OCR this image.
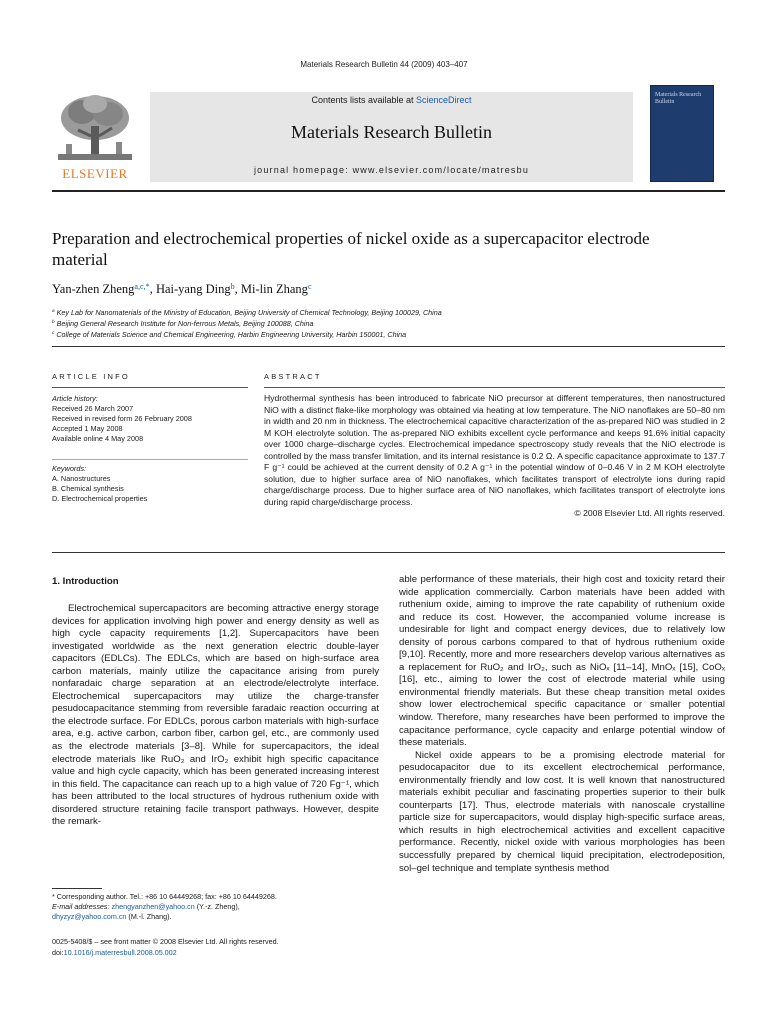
Materials Research Bulletin 44 (2009) 403–407
ELSEVIER
Contents lists available at ScienceDirect
Materials Research Bulletin
journal homepage: www.elsevier.com/locate/matresbu
Materials Research Bulletin
Preparation and electrochemical properties of nickel oxide as a supercapacitor electrode material
Yan-zhen Zheng$^{a,c,*}$, Hai-yang Ding$^b$, Mi-lin Zhang$^c$
$^a$ Key Lab for Nanomaterials of the Ministry of Education, Beijing University of Chemical Technology, Beijing 100029, China
$^b$ Beijing General Research Institute for Non-ferrous Metals, Beijing 100088, China
$^c$ College of Materials Science and Chemical Engineering, Harbin Engineering University, Harbin 150001, China
ARTICLE INFO
Article history:
Received 26 March 2007
Received in revised form 26 February 2008
Accepted 1 May 2008
Available online 4 May 2008
Keywords:
A. Nanostructures
B. Chemical synthesis
D. Electrochemical properties
ABSTRACT
Hydrothermal synthesis has been introduced to fabricate NiO precursor at different temperatures, then nanostructured NiO with a distinct flake-like morphology was obtained via heating at low temperature. The NiO nanoflakes are 50–80 nm in width and 20 nm in thickness. The electrochemical capacitive characterization of the as-prepared NiO was studied in 2 M KOH electrolyte solution. The as-prepared NiO exhibits excellent cycle performance and keeps 91.6% initial capacity over 1000 charge–discharge cycles. Electrochemical impedance spectroscopy study reveals that the NiO electrode is controlled by the mass transfer limitation, and its internal resistance is 0.2 Ω. A specific capacitance approximate to 137.7 F g⁻¹ could be achieved at the current density of 0.2 A g⁻¹ in the potential window of 0–0.46 V in 2 M KOH electrolyte solution, due to higher surface area of NiO nanoflakes, which facilitates transport of electrolyte ions during rapid charge/discharge process. Due to higher surface area of NiO nanoflakes, which facilitates transport of electrolyte ions during rapid charge/discharge process.
© 2008 Elsevier Ltd. All rights reserved.
1. Introduction

Electrochemical supercapacitors are becoming attractive energy storage devices for application involving high power and energy density as well as high cycle capacity requirements [1,2]. Supercapacitors have been investigated worldwide as the next generation electric double-layer capacitors (EDLCs). The EDLCs, which are based on high-surface area carbon materials, mainly utilize the capacitance arising from purely nonfaradaic charge separation at an electrode/electrolyte interface. Electrochemical supercapacitors may utilize the charge-transfer pesudocapacitance stemming from reversible faradaic reaction occurring at the electrode surface. For EDLCs, porous carbon materials with high-surface area, e.g. active carbon, carbon fiber, carbon gel, etc., are commonly used as the electrode materials [3–8]. While for supercapacitors, the ideal electrode materials like RuO₂ and IrO₂ exhibit high specific capacitance value and high cycle capacity, which has been generated increasing interest in this field. The capacitance can reach up to a high value of 720 Fg⁻¹, which has been attributed to the local structures of hydrous ruthenium oxide with disordered structure retaining facile transport pathways. However, despite the remark-

able performance of these materials, their high cost and toxicity retard their wide application commercially. Carbon materials have been added with ruthenium oxide, aiming to improve the rate capability of ruthenium oxide and reduce its cost. However, the accompanied volume increase is undesirable for light and compact energy devices, due to relatively low density of porous carbons compared to that of hydrous ruthenium oxide [9,10]. Recently, more and more researchers develop various alternatives as a replacement for RuO₂ and IrO₂, such as NiOₓ [11–14], MnOₓ [15], CoOₓ [16], etc., aiming to lower the cost of electrode material while using environmental friendly materials. But these cheap transition metal oxides show lower electrochemical specific capacitance or smaller potential window. Therefore, many researches have been performed to improve the capacitance performance, cycle capacity and enlarge potential window of these materials.

Nickel oxide appears to be a promising electrode material for pesudocapacitor due to its excellent electrochemical performance, environmentally friendly and low cost. It is well known that nanostructured materials exhibit peculiar and fascinating properties superior to their bulk counterparts [17]. Thus, electrode materials with nanoscale crystalline particle size for supercapacitors, would display high-specific surface areas, which results in high electrochemical activities and excellent capacitive performance. Recently, nickel oxide with various morphologies has been successfully prepared by chemical liquid precipitation, electrodeposition, sol–gel technique and template synthesis method

* Corresponding author. Tel.: +86 10 64449268; fax: +86 10 64449268.
E-mail addresses: zhengyanzhen@yahoo.cn (Y.-z. Zheng),
dhyzyz@yahoo.com.cn (M.-l. Zhang).
0025-5408/$ – see front matter © 2008 Elsevier Ltd. All rights reserved.
doi:10.1016/j.materresbull.2008.05.002
